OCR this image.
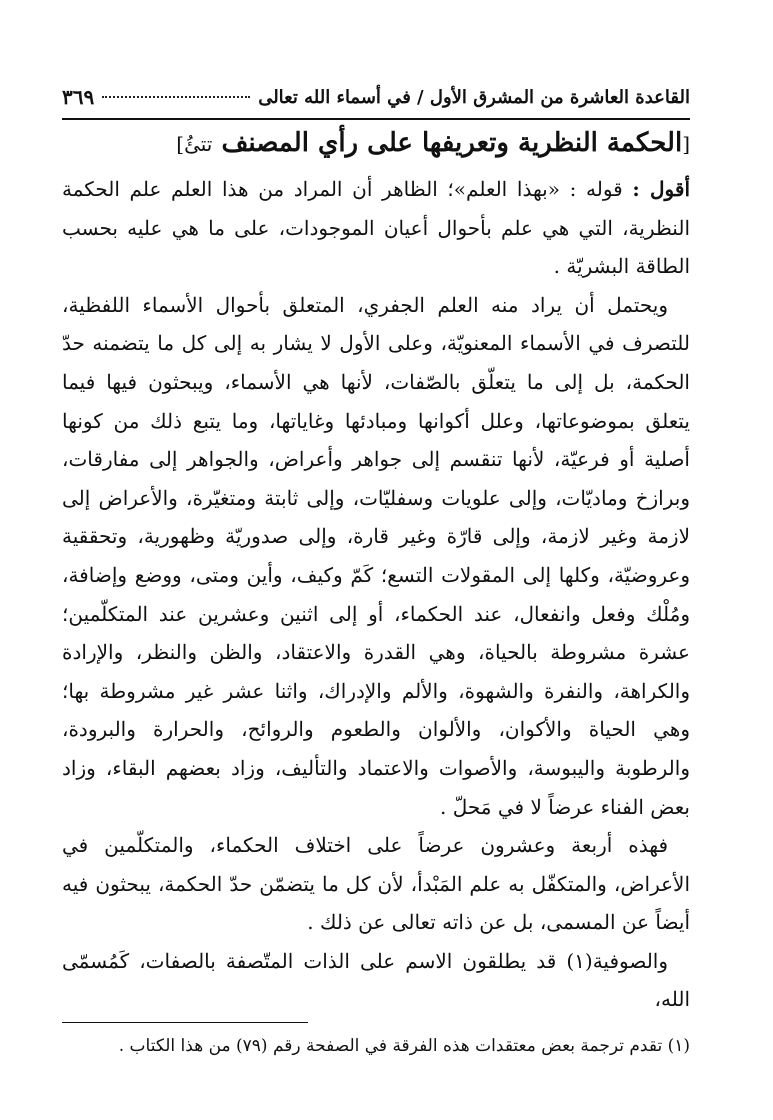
القاعدة العاشرة من المشرق الأول / في أسماء الله تعالى
٣٦٩
[الحكمة النظرية وتعريفها على رأي المصنف تتئُ]

أقول : قوله : «بهذا العلم»؛ الظاهر أن المراد من هذا العلم علم الحكمة النظرية، التي هي علم بأحوال أعيان الموجودات، على ما هي عليه بحسب الطاقة البشريّة .

ويحتمل أن يراد منه العلم الجفري، المتعلق بأحوال الأسماء اللفظية، للتصرف في الأسماء المعنويّة، وعلى الأول لا يشار به إلى كل ما يتضمنه حدّ الحكمة، بل إلى ما يتعلّق بالصّفات، لأنها هي الأسماء، ويبحثون فيها فيما يتعلق بموضوعاتها، وعلل أكوانها ومبادئها وغاياتها، وما يتبع ذلك من كونها أصلية أو فرعيّة، لأنها تنقسم إلى جواهر وأعراض، والجواهر إلى مفارقات، وبرازخ وماديّات، وإلى علويات وسفليّات، وإلى ثابتة ومتغيّرة، والأعراض إلى لازمة وغير لازمة، وإلى قارّة وغير قارة، وإلى صدوريّة وظهورية، وتحققية وعروضيّة، وكلها إلى المقولات التسع؛ كَمّ وكيف، وأين ومتى، ووضع وإضافة، ومُلْك وفعل وانفعال، عند الحكماء، أو إلى اثنين وعشرين عند المتكلّمين؛ عشرة مشروطة بالحياة، وهي القدرة والاعتقاد، والظن والنظر، والإرادة والكراهة، والنفرة والشهوة، والألم والإدراك، واثنا عشر غير مشروطة بها؛ وهي الحياة والأكوان، والألوان والطعوم والروائح، والحرارة والبرودة، والرطوبة واليبوسة، والأصوات والاعتماد والتأليف، وزاد بعضهم البقاء، وزاد بعض الفناء عرضاً لا في مَحلّ .

فهذه أربعة وعشرون عرضاً على اختلاف الحكماء، والمتكلّمين في الأعراض، والمتكفّل به علم المَبْدأ، لأن كل ما يتضمّن حدّ الحكمة، يبحثون فيه أيضاً عن المسمى، بل عن ذاته تعالى عن ذلك .

والصوفية(١) قد يطلقون الاسم على الذات المتّصفة بالصفات، كَمُسمّى الله،

(١) تقدم ترجمة بعض معتقدات هذه الفرقة في الصفحة رقم (٧٩) من هذا الكتاب .
